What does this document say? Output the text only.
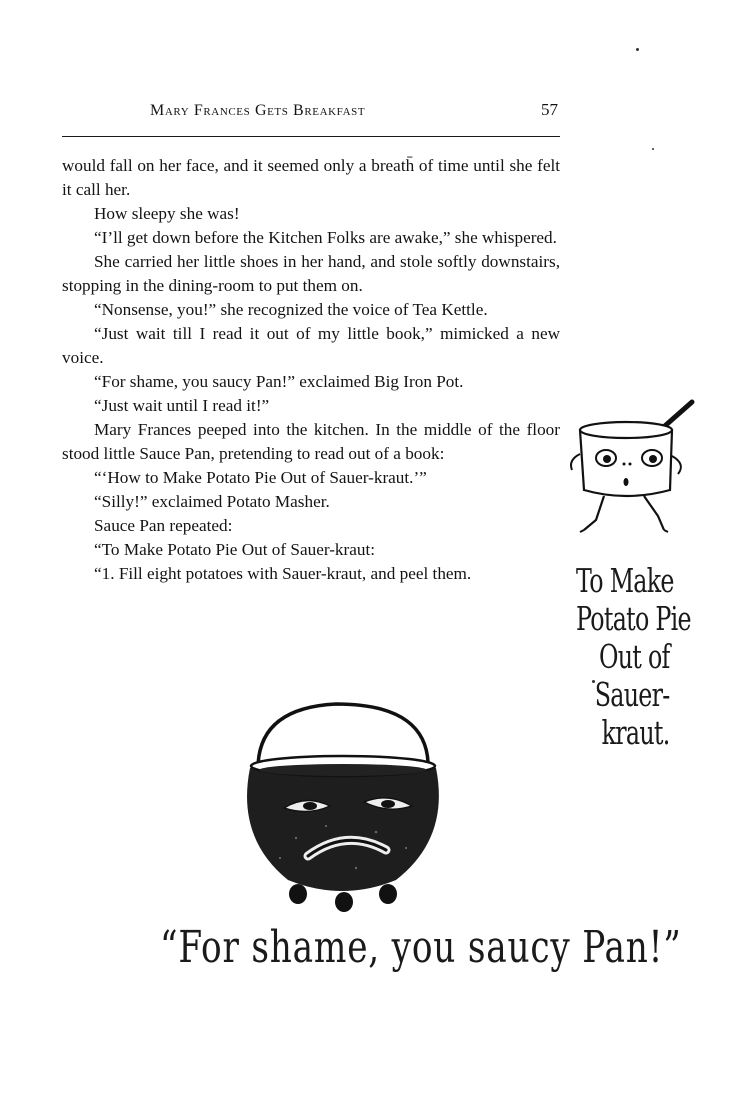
Mary Frances Gets Breakfast	57

would fall on her face, and it seemed only a breath̄ of time until she felt it call her.

How sleepy she was!

“I’ll get down before the Kitchen Folks are awake,” she whispered.

She carried her little shoes in her hand, and stole softly downstairs, stopping in the dining-room to put them on.

“Nonsense, you!” she recognized the voice of Tea Kettle.

“Just wait till I read it out of my little book,” mimicked a new voice.

“For shame, you saucy Pan!” exclaimed Big Iron Pot.

“Just wait until I read it!”

Mary Frances peeped into the kitchen. In the middle of the floor stood little Sauce Pan, pretending to read out of a book:

“‘How to Make Potato Pie Out of Sauer-kraut.’”

“Silly!” exclaimed Potato Masher.

Sauce Pan repeated:

“To Make Potato Pie Out of Sauer-kraut:

“1. Fill eight potatoes with Sauer-kraut, and peel them.	To Make
Potato Pie
Out of
Sauer-
kraut.
“For shame, you saucy Pan!”
